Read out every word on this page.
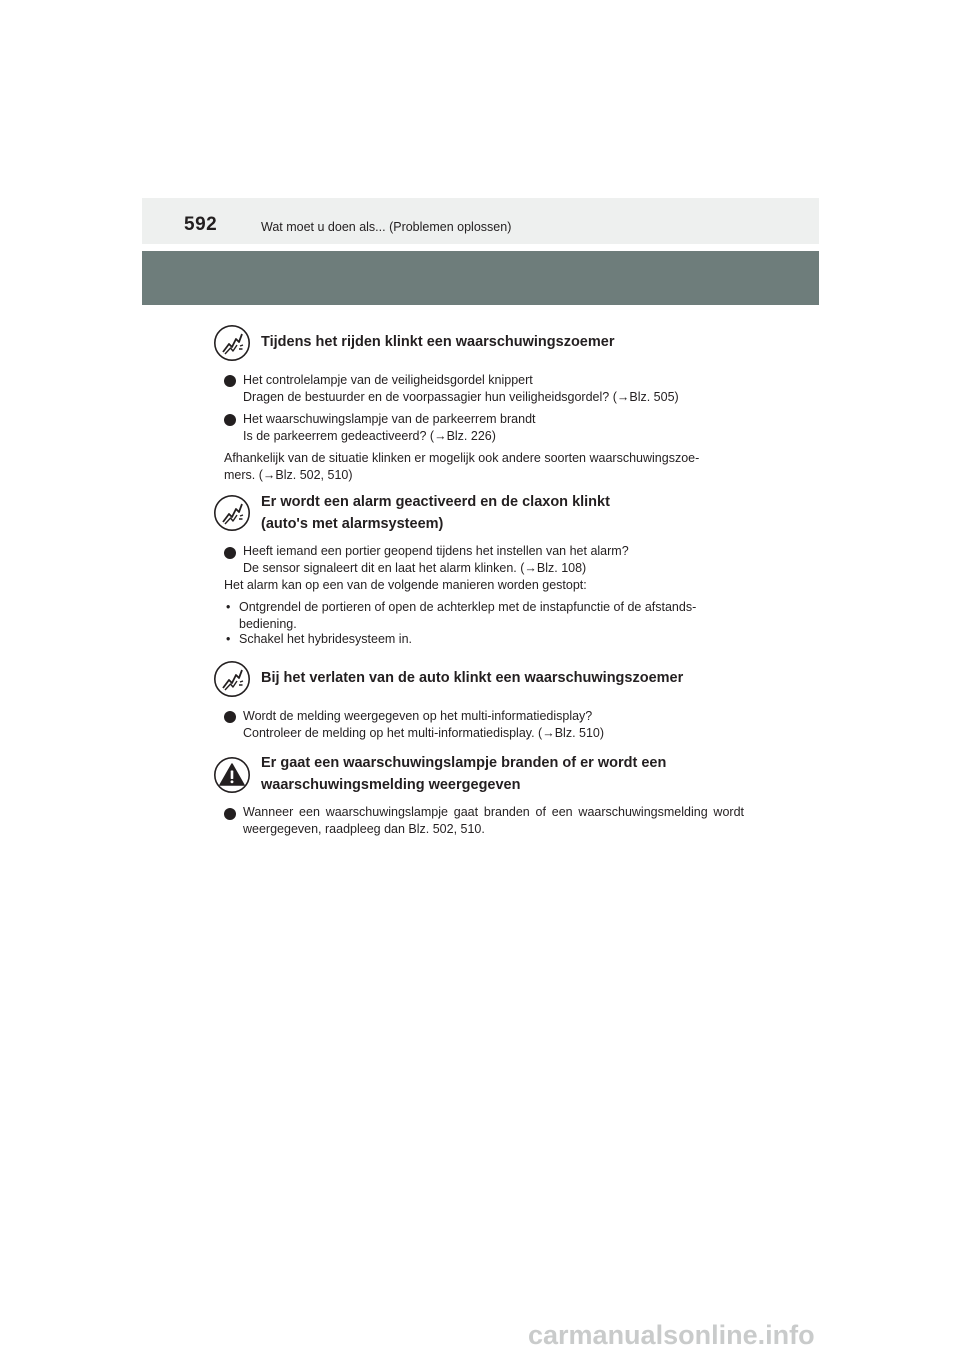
592	Wat moet u doen als... (Problemen oplossen)
Tijdens het rijden klinkt een waarschuwingszoemer
Het controlelampje van de veiligheidsgordel knippert
Dragen de bestuurder en de voorpassagier hun veiligheidsgordel? (→Blz. 505)
Het waarschuwingslampje van de parkeerrem brandt
Is de parkeerrem gedeactiveerd? (→Blz. 226)
Afhankelijk van de situatie klinken er mogelijk ook andere soorten waarschuwingszoe-
mers. (→Blz. 502, 510)
Er wordt een alarm geactiveerd en de claxon klinkt
(auto's met alarmsysteem)
Heeft iemand een portier geopend tijdens het instellen van het alarm?
De sensor signaleert dit en laat het alarm klinken. (→Blz. 108)
Het alarm kan op een van de volgende manieren worden gestopt:
• Ontgrendel de portieren of open de achterklep met de instapfunctie of de afstands-
bediening.
• Schakel het hybridesysteem in.
Bij het verlaten van de auto klinkt een waarschuwingszoemer
Wordt de melding weergegeven op het multi-informatiedisplay?
Controleer de melding op het multi-informatiedisplay. (→Blz. 510)
Er gaat een waarschuwingslampje branden of er wordt een
waarschuwingsmelding weergegeven
Wanneer een waarschuwingslampje gaat branden of een waarschuwingsmelding wordt weergegeven, raadpleeg dan Blz. 502, 510.
carmanualsonline.info
